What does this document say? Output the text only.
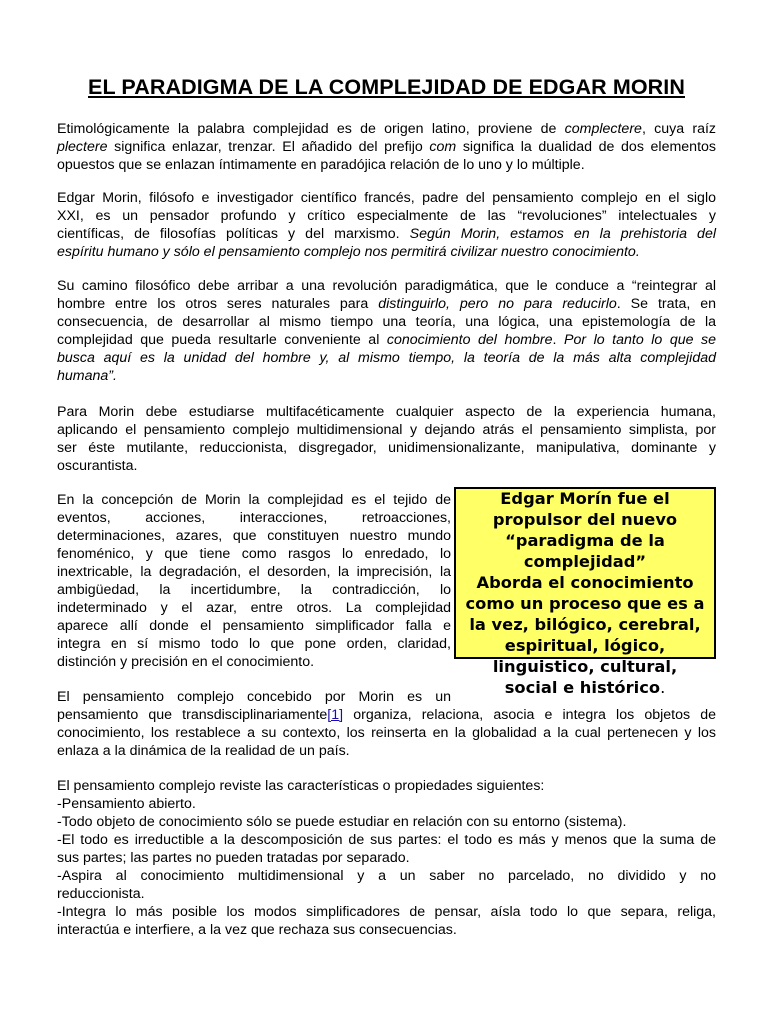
EL PARADIGMA DE LA COMPLEJIDAD DE EDGAR MORIN

Etimológicamente la palabra complejidad es de origen latino, proviene de complectere, cuya raíz
plectere significa enlazar, trenzar. El añadido del prefijo com significa la dualidad de dos elementos
opuestos que se enlazan íntimamente en paradójica relación de lo uno y lo múltiple.

Edgar Morin, filósofo e investigador científico francés, padre del pensamiento complejo en el siglo
XXI, es un pensador profundo y crítico especialmente de las “revoluciones” intelectuales y
científicas, de filosofías políticas y del marxismo. Según Morin, estamos en la prehistoria del
espíritu humano y sólo el pensamiento complejo nos permitirá civilizar nuestro conocimiento.

Su camino filosófico debe arribar a una revolución paradigmática, que le conduce a “reintegrar al
hombre entre los otros seres naturales para distinguirlo, pero no para reducirlo. Se trata, en
consecuencia, de desarrollar al mismo tiempo una teoría, una lógica, una epistemología de la
complejidad que pueda resultarle conveniente al conocimiento del hombre. Por lo tanto lo que se
busca aquí es la unidad del hombre y, al mismo tiempo, la teoría de la más alta complejidad
humana”.

Para Morin debe estudiarse multifacéticamente cualquier aspecto de la experiencia humana,
aplicando el pensamiento complejo multidimensional y dejando atrás el pensamiento simplista, por
ser éste mutilante, reduccionista, disgregador, unidimensionalizante, manipulativa, dominante y
oscurantista.

En la concepción de Morin la complejidad es el tejido de
eventos, acciones, interacciones, retroacciones,
determinaciones, azares, que constituyen nuestro mundo
fenoménico, y que tiene como rasgos lo enredado, lo
inextricable, la degradación, el desorden, la imprecisión, la
ambigüedad, la incertidumbre, la contradicción, lo
indeterminado y el azar, entre otros. La complejidad
aparece allí donde el pensamiento simplificador falla e
integra en sí mismo todo lo que pone orden, claridad,
distinción y precisión en el conocimiento.

Edgar Morín fue el
propulsor del nuevo
“paradigma de la
complejidad”
Aborda el conocimiento
como un proceso que es a
la vez, bilógico, cerebral,
espiritual, lógico,
linguistico, cultural,
social e histórico.

El pensamiento complejo concebido por Morin es un
pensamiento que transdisciplinariamente[1] organiza, relaciona, asocia e integra los objetos de
conocimiento, los restablece a su contexto, los reinserta en la globalidad a la cual pertenecen y los
enlaza a la dinámica de la realidad de un país.

El pensamiento complejo reviste las características o propiedades siguientes:
-Pensamiento abierto.
-Todo objeto de conocimiento sólo se puede estudiar en relación con su entorno (sistema).
-El todo es irreductible a la descomposición de sus partes: el todo es más y menos que la suma de
sus partes; las partes no pueden tratadas por separado.
-Aspira al conocimiento multidimensional y a un saber no parcelado, no dividido y no
reduccionista.
-Integra lo más posible los modos simplificadores de pensar, aísla todo lo que separa, religa,
interactúa e interfiere, a la vez que rechaza sus consecuencias.
